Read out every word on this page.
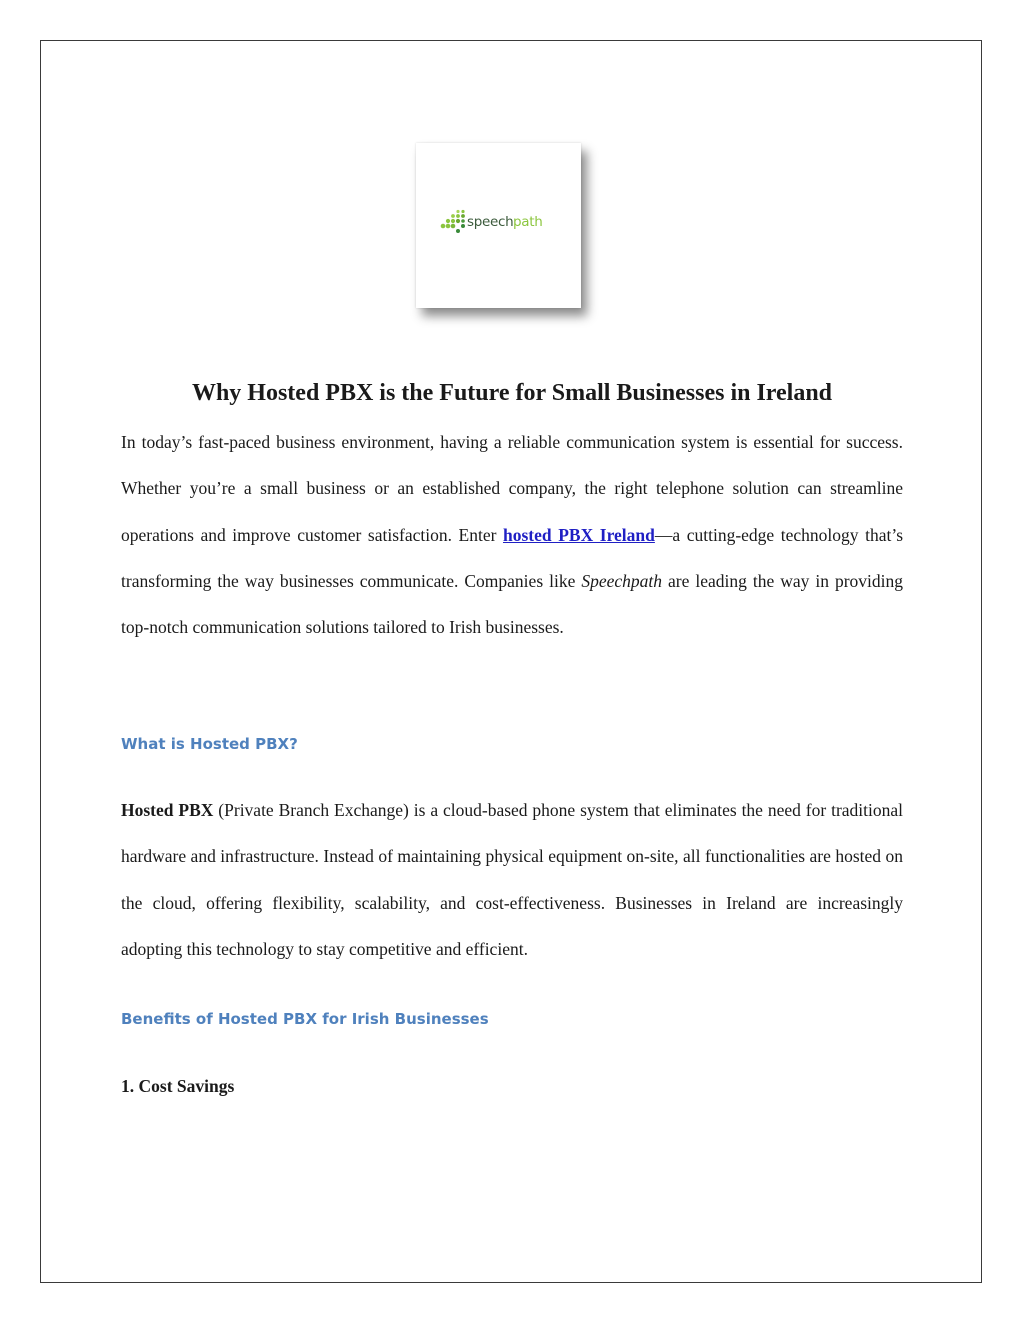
speech path
Why Hosted PBX is the Future for Small Businesses in Ireland

In today’s fast-paced business environment, having a reliable communication system is essential for success. Whether you’re a small business or an established company, the right telephone solution can streamline operations and improve customer satisfaction. Enter hosted PBX Ireland—a cutting-edge technology that’s transforming the way businesses communicate. Companies like Speechpath are leading the way in providing top-notch communication solutions tailored to Irish businesses.

What is Hosted PBX?

Hosted PBX (Private Branch Exchange) is a cloud-based phone system that eliminates the need for traditional hardware and infrastructure. Instead of maintaining physical equipment on-site, all functionalities are hosted on the cloud, offering flexibility, scalability, and cost-effectiveness. Businesses in Ireland are increasingly adopting this technology to stay competitive and efficient.

Benefits of Hosted PBX for Irish Businesses
1. Cost Savings
